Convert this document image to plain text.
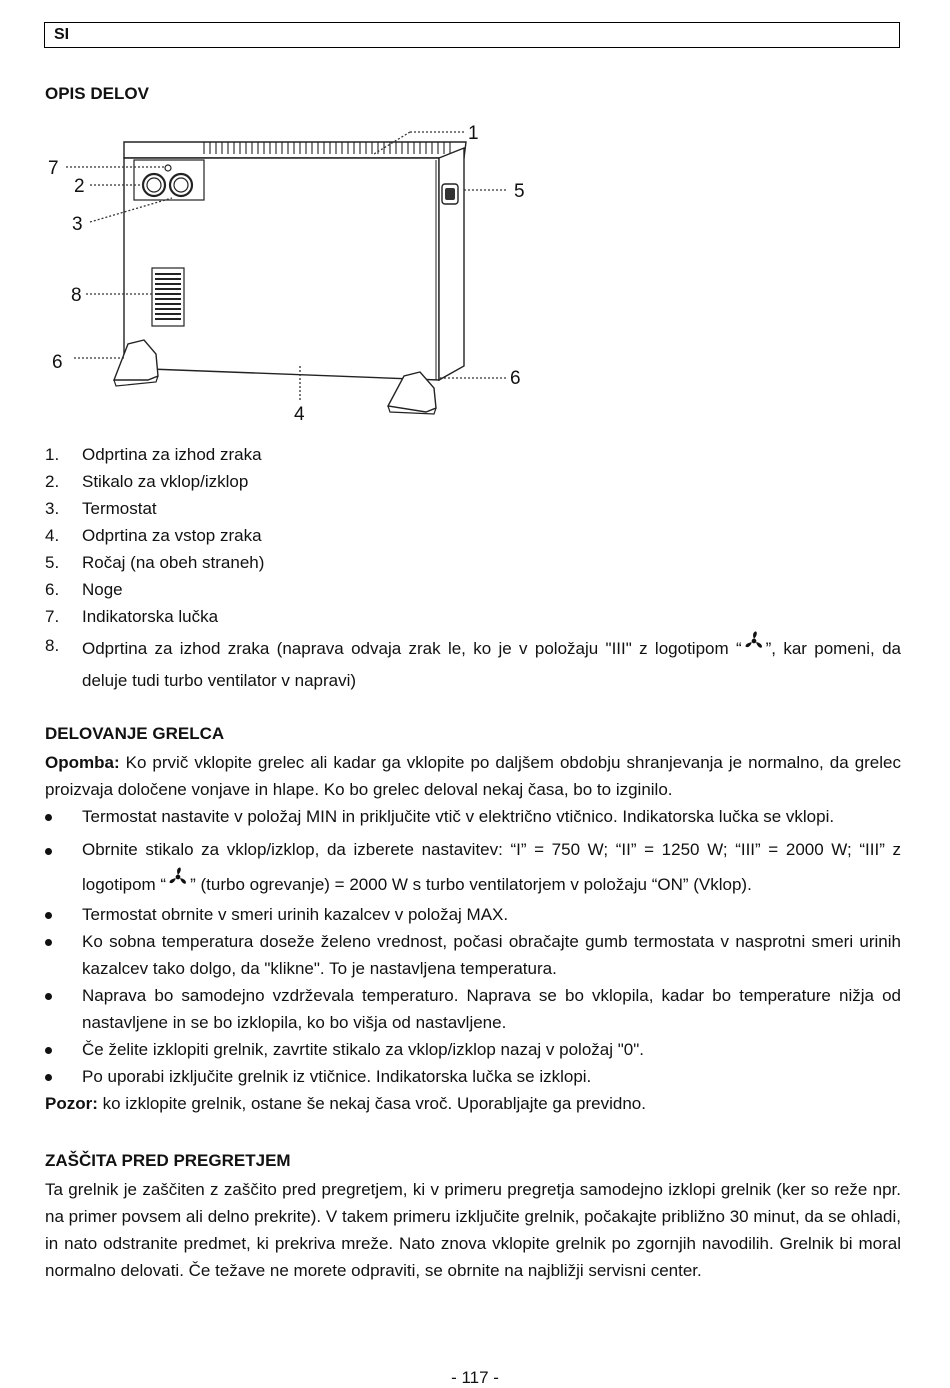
SI
OPIS DELOV
1
2
3
4
5
6
6
7
8
1. Odprtina za izhod zraka
2. Stikalo za vklop/izklop
3. Termostat
4. Odprtina za vstop zraka
5. Ročaj (na obeh straneh)
6. Noge
7. Indikatorska lučka
8. Odprtina za izhod zraka (naprava odvaja zrak le, ko je v položaju "III" z logotipom “ ”, kar pomeni, da deluje tudi turbo ventilator v napravi)
DELOVANJE GRELCA
Opomba: Ko prvič vklopite grelec ali kadar ga vklopite po daljšem obdobju shranjevanja je normalno, da grelec proizvaja določene vonjave in hlape. Ko bo grelec deloval nekaj časa, bo to izginilo.
Termostat nastavite v položaj MIN in priključite vtič v električno vtičnico. Indikatorska lučka se vklopi.
Obrnite stikalo za vklop/izklop, da izberete nastavitev: “I” = 750 W; “II” = 1250 W; “III” = 2000 W; “III” z logotipom “ ” (turbo ogrevanje) = 2000 W s turbo ventilatorjem v položaju “ON” (Vklop).
Termostat obrnite v smeri urinih kazalcev v položaj MAX.
Ko sobna temperatura doseže želeno vrednost, počasi obračajte gumb termostata v nasprotni smeri urinih kazalcev tako dolgo, da "klikne". To je nastavljena temperatura.
Naprava bo samodejno vzdrževala temperaturo. Naprava se bo vklopila, kadar bo temperature nižja od nastavljene in se bo izklopila, ko bo višja od nastavljene.
Če želite izklopiti grelnik, zavrtite stikalo za vklop/izklop nazaj v položaj "0".
Po uporabi izključite grelnik iz vtičnice. Indikatorska lučka se izklopi.
Pozor: ko izklopite grelnik, ostane še nekaj časa vroč. Uporabljajte ga previdno.
ZAŠČITA PRED PREGRETJEM
Ta grelnik je zaščiten z zaščito pred pregretjem, ki v primeru pregretja samodejno izklopi grelnik (ker so reže npr. na primer povsem ali delno prekrite). V takem primeru izključite grelnik, počakajte približno 30 minut, da se ohladi, in nato odstranite predmet, ki prekriva mreže. Nato znova vklopite grelnik po zgornjih navodilih. Grelnik bi moral normalno delovati. Če težave ne morete odpraviti, se obrnite na najbližji servisni center.
- 117 -
